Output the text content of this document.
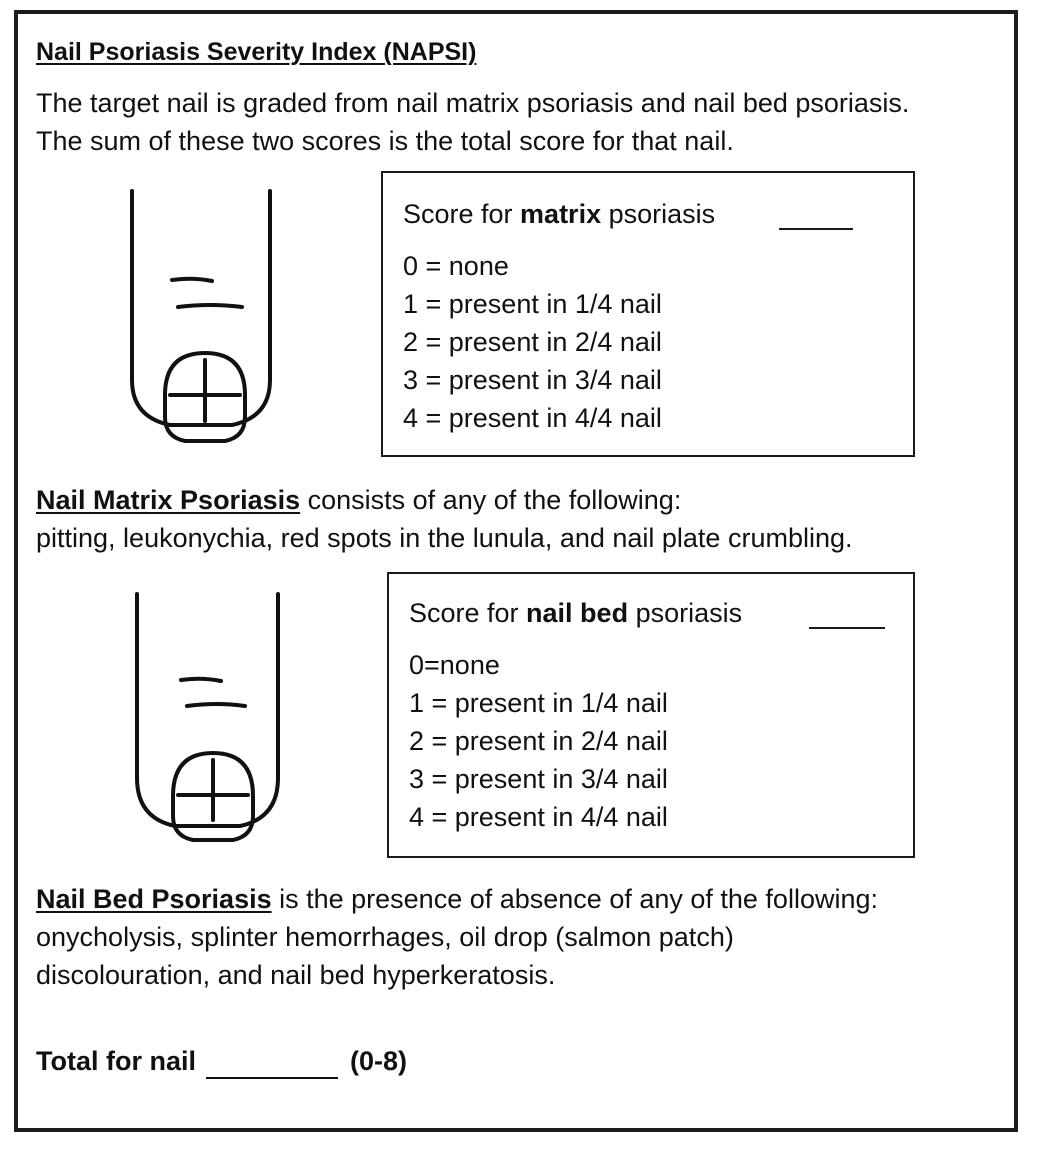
Nail Psoriasis Severity Index (NAPSI)
The target nail is graded from nail matrix psoriasis and nail bed psoriasis.
The sum of these two scores is the total score for that nail.
Score for matrix psoriasis
0 = none
1 = present in 1/4 nail
2 = present in 2/4 nail
3 = present in 3/4 nail
4 = present in 4/4 nail
Nail Matrix Psoriasis consists of any of the following:
pitting, leukonychia, red spots in the lunula, and nail plate crumbling.
Score for nail bed psoriasis
0=none
1 = present in 1/4 nail
2 = present in 2/4 nail
3 = present in 3/4 nail
4 = present in 4/4 nail
Nail Bed Psoriasis is the presence of absence of any of the following:
onycholysis, splinter hemorrhages, oil drop (salmon patch)
discolouration, and nail bed hyperkeratosis.
Total for nail	(0-8)
